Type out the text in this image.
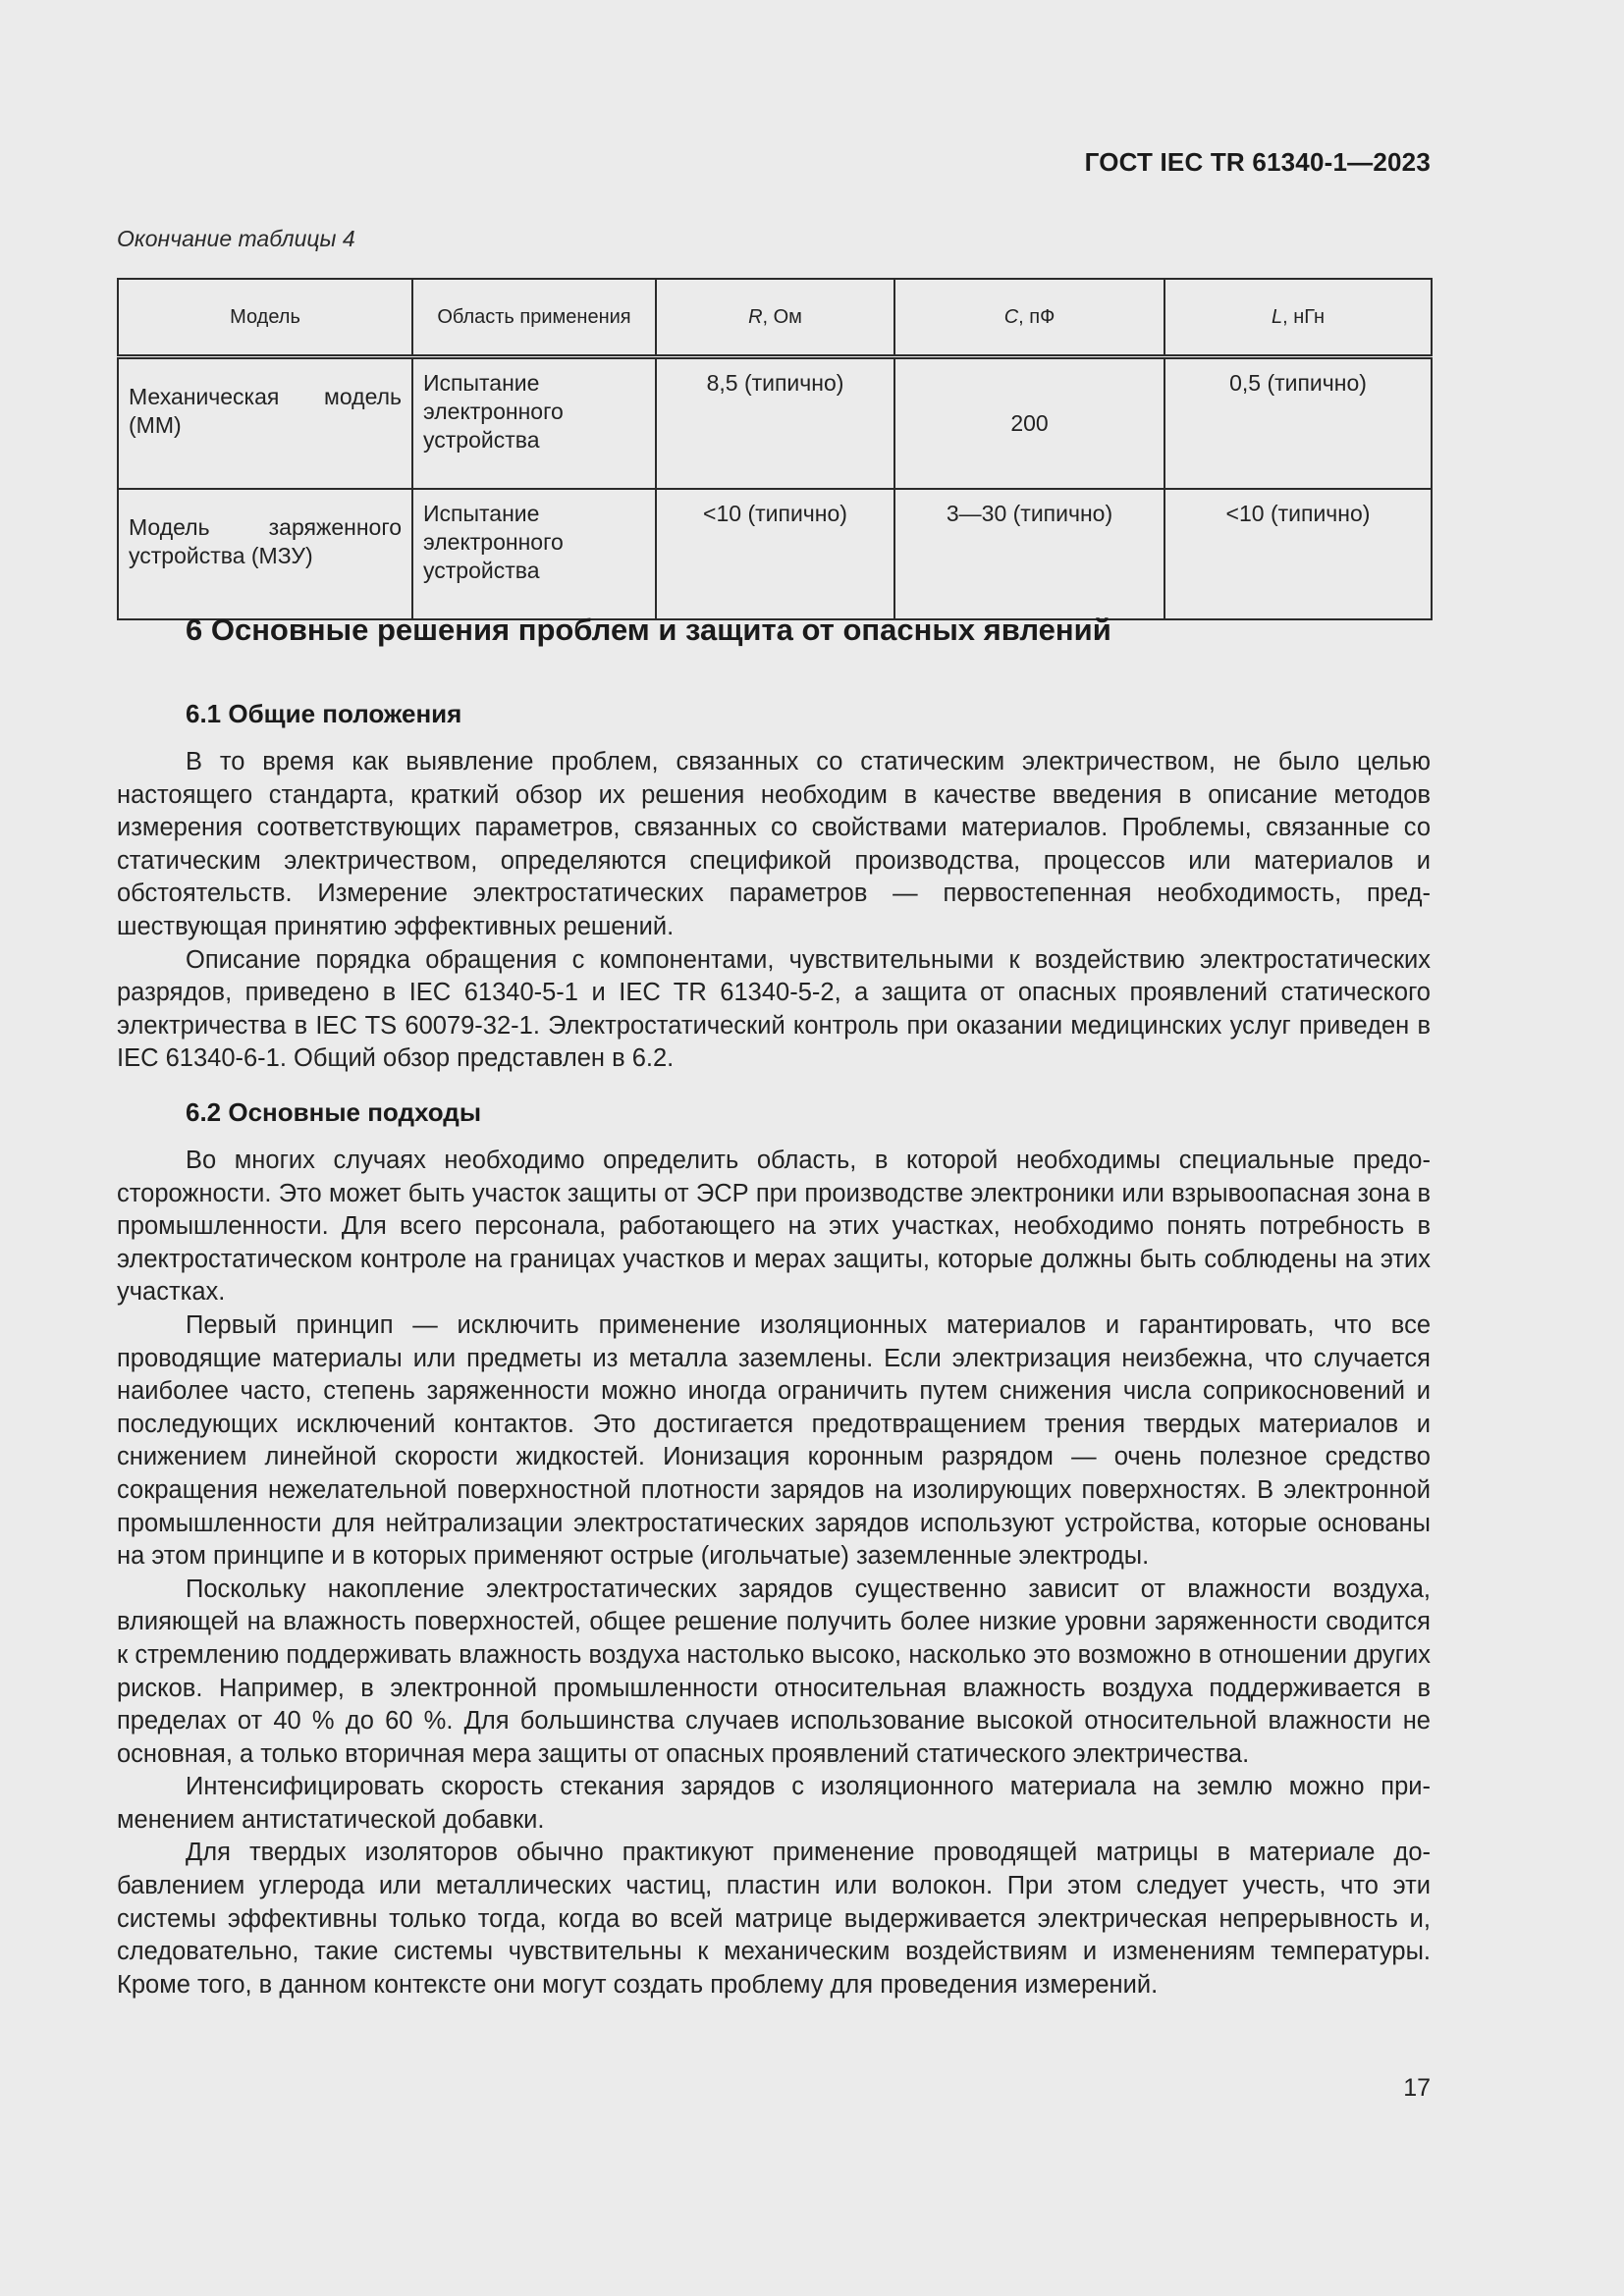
ГОСТ IEC TR 61340-1—2023
Окончание таблицы 4
Модель	Область применения	R, Ом	C, пФ	L, нГн
Механическая модель (ММ)	Испытание электронного устройства	8,5 (типично)	200	0,5 (типично)
Модель заряженного устройства (МЗУ)	Испытание электронного устройства	<10 (типично)	3—30 (типично)	<10 (типично)
6 Основные решения проблем и защита от опасных явлений
6.1 Общие положения

В то время как выявление проблем, связанных со статическим электричеством, не было целью настоящего стандарта, краткий обзор их решения необходим в качестве введения в описание методов измерения соответствующих параметров, связанных со свойствами материалов. Проблемы, связанные со статическим электричеством, определяются спецификой производства, процессов или материалов и обстоятельств. Измерение электростатических параметров — первостепенная необходимость, предшествующая принятию эффективных решений.

Описание порядка обращения с компонентами, чувствительными к воздействию электростатических разрядов, приведено в IEC 61340-5-1 и IEC TR 61340-5-2, а защита от опасных проявлений статического электричества в IEC TS 60079-32-1. Электростатический контроль при оказании медицинских услуг приведен в IEC 61340-6-1. Общий обзор представлен в 6.2.

6.2 Основные подходы

Во многих случаях необходимо определить область, в которой необходимы специальные предосторожности. Это может быть участок защиты от ЭСР при производстве электроники или взрывоопасная зона в промышленности. Для всего персонала, работающего на этих участках, необходимо понять потребность в электростатическом контроле на границах участков и мерах защиты, которые должны быть соблюдены на этих участках.

Первый принцип — исключить применение изоляционных материалов и гарантировать, что все проводящие материалы или предметы из металла заземлены. Если электризация неизбежна, что случается наиболее часто, степень заряженности можно иногда ограничить путем снижения числа соприкосновений и последующих исключений контактов. Это достигается предотвращением трения твердых материалов и снижением линейной скорости жидкостей. Ионизация коронным разрядом — очень полезное средство сокращения нежелательной поверхностной плотности зарядов на изолирующих поверхностях. В электронной промышленности для нейтрализации электростатических зарядов используют устройства, которые основаны на этом принципе и в которых применяют острые (игольчатые) заземленные электроды.

Поскольку накопление электростатических зарядов существенно зависит от влажности воздуха, влияющей на влажность поверхностей, общее решение получить более низкие уровни заряженности сводится к стремлению поддерживать влажность воздуха настолько высоко, насколько это возможно в отношении других рисков. Например, в электронной промышленности относительная влажность воздуха поддерживается в пределах от 40 % до 60 %. Для большинства случаев использование высокой относительной влажности не основная, а только вторичная мера защиты от опасных проявлений статического электричества.

Интенсифицировать скорость стекания зарядов с изоляционного материала на землю можно применением антистатической добавки.

Для твердых изоляторов обычно практикуют применение проводящей матрицы в материале добавлением углерода или металлических частиц, пластин или волокон. При этом следует учесть, что эти системы эффективны только тогда, когда во всей матрице выдерживается электрическая непрерывность и, следовательно, такие системы чувствительны к механическим воздействиям и изменениям температуры. Кроме того, в данном контексте они могут создать проблему для проведения измерений.

17
